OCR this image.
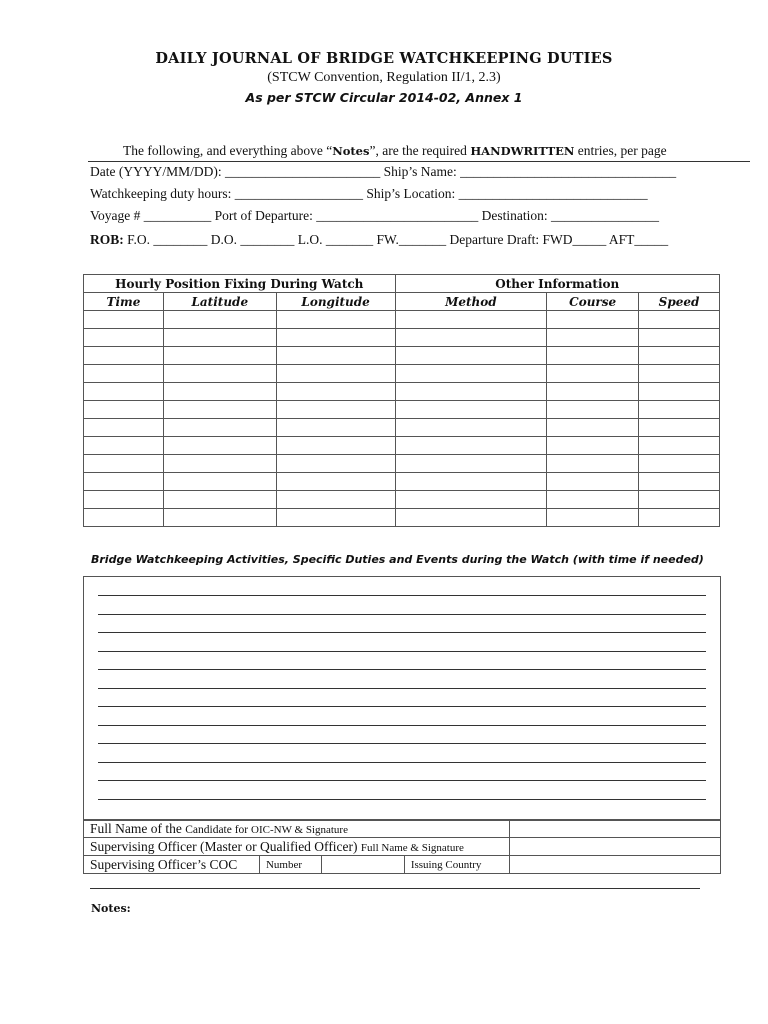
DAILY JOURNAL OF BRIDGE WATCHKEEPING DUTIES
(STCW Convention, Regulation II/1, 2.3)
As per STCW Circular 2014-02, Annex 1
The following, and everything above “Notes”, are the required HANDWRITTEN entries, per page
Date (YYYY/MM/DD): _______________________ Ship’s Name: ________________________________
Watchkeeping duty hours: ___________________ Ship’s Location: ____________________________
Voyage # __________ Port of Departure: ________________________ Destination: ________________
ROB: F.O. ________ D.O. ________ L.O. _______ FW._______ Departure Draft: FWD_____ AFT_____
Hourly Position Fixing During Watch			Other Information		
Time	Latitude	Longitude	Method	Course	Speed

Bridge Watchkeeping Activities, Specific Duties and Events during the Watch (with time if needed)
Full Name of the Candidate for OIC-NW & Signature				
Supervising Officer (Master or Qualified Officer) Full Name & Signature				
Supervising Officer’s COC	Number		Issuing Country	
Notes:
